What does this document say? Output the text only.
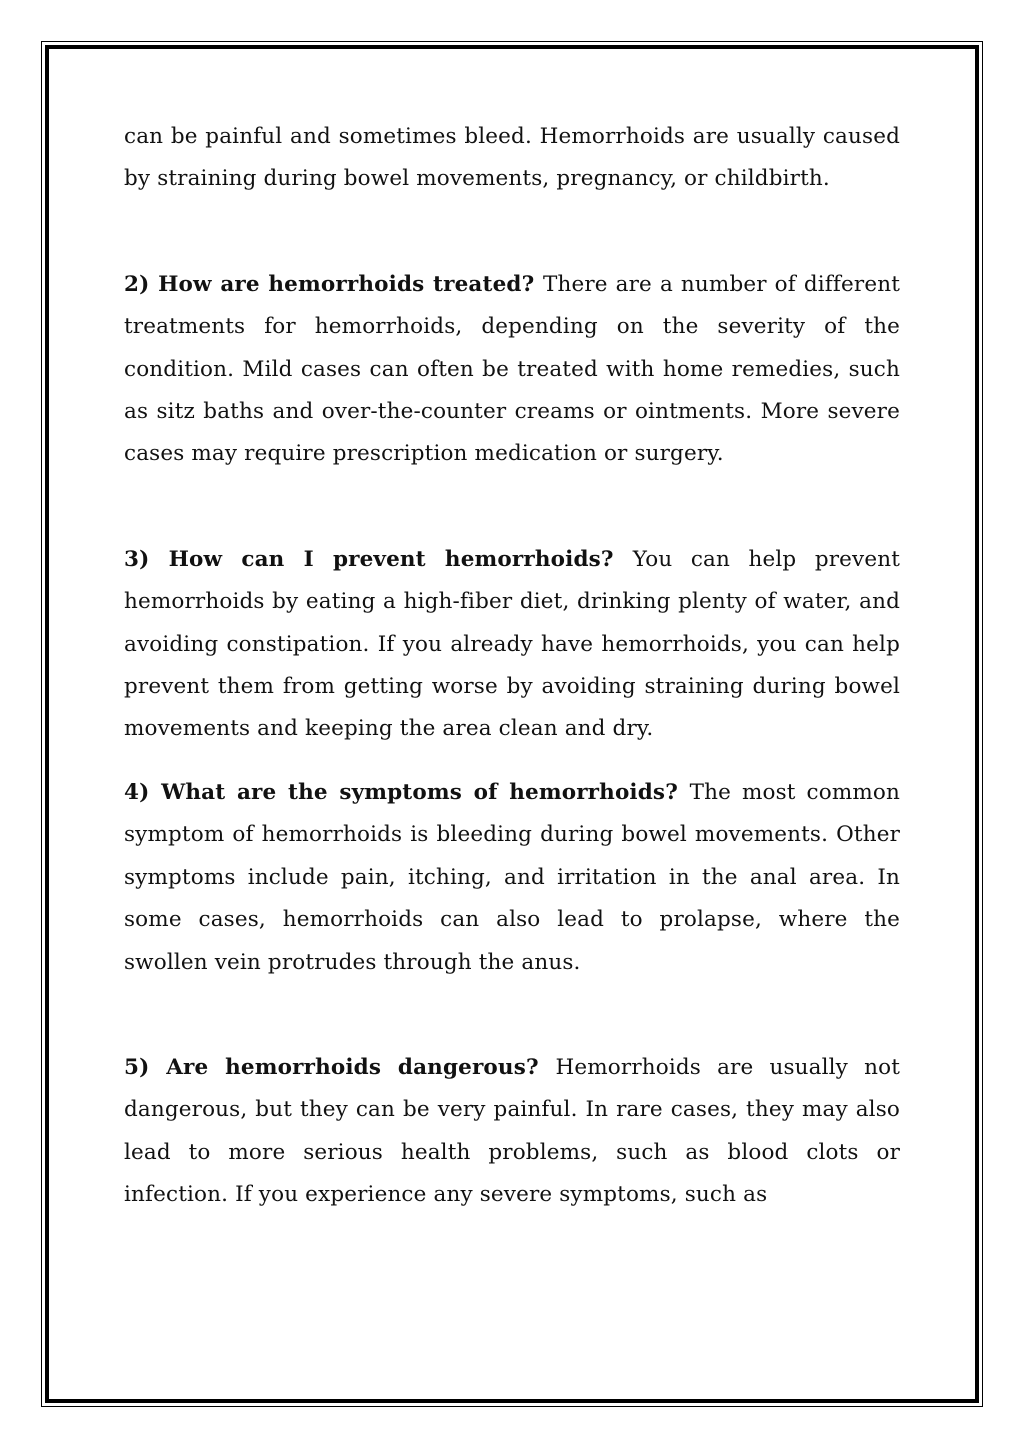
can be painful and sometimes bleed. Hemorrhoids are usually caused by straining during bowel movements, pregnancy, or childbirth.

2) How are hemorrhoids treated? There are a number of different treatments for hemorrhoids, depending on the severity of the condition. Mild cases can often be treated with home remedies, such as sitz baths and over-the-counter creams or ointments. More severe cases may require prescription medication or surgery.

3) How can I prevent hemorrhoids? You can help prevent hemorrhoids by eating a high-fiber diet, drinking plenty of water, and avoiding constipation. If you already have hemorrhoids, you can help prevent them from getting worse by avoiding straining during bowel movements and keeping the area clean and dry.

4) What are the symptoms of hemorrhoids? The most common symptom of hemorrhoids is bleeding during bowel movements. Other symptoms include pain, itching, and irritation in the anal area. In some cases, hemorrhoids can also lead to prolapse, where the swollen vein protrudes through the anus.

5) Are hemorrhoids dangerous? Hemorrhoids are usually not dangerous, but they can be very painful. In rare cases, they may also lead to more serious health problems, such as blood clots or infection. If you experience any severe symptoms, such as
